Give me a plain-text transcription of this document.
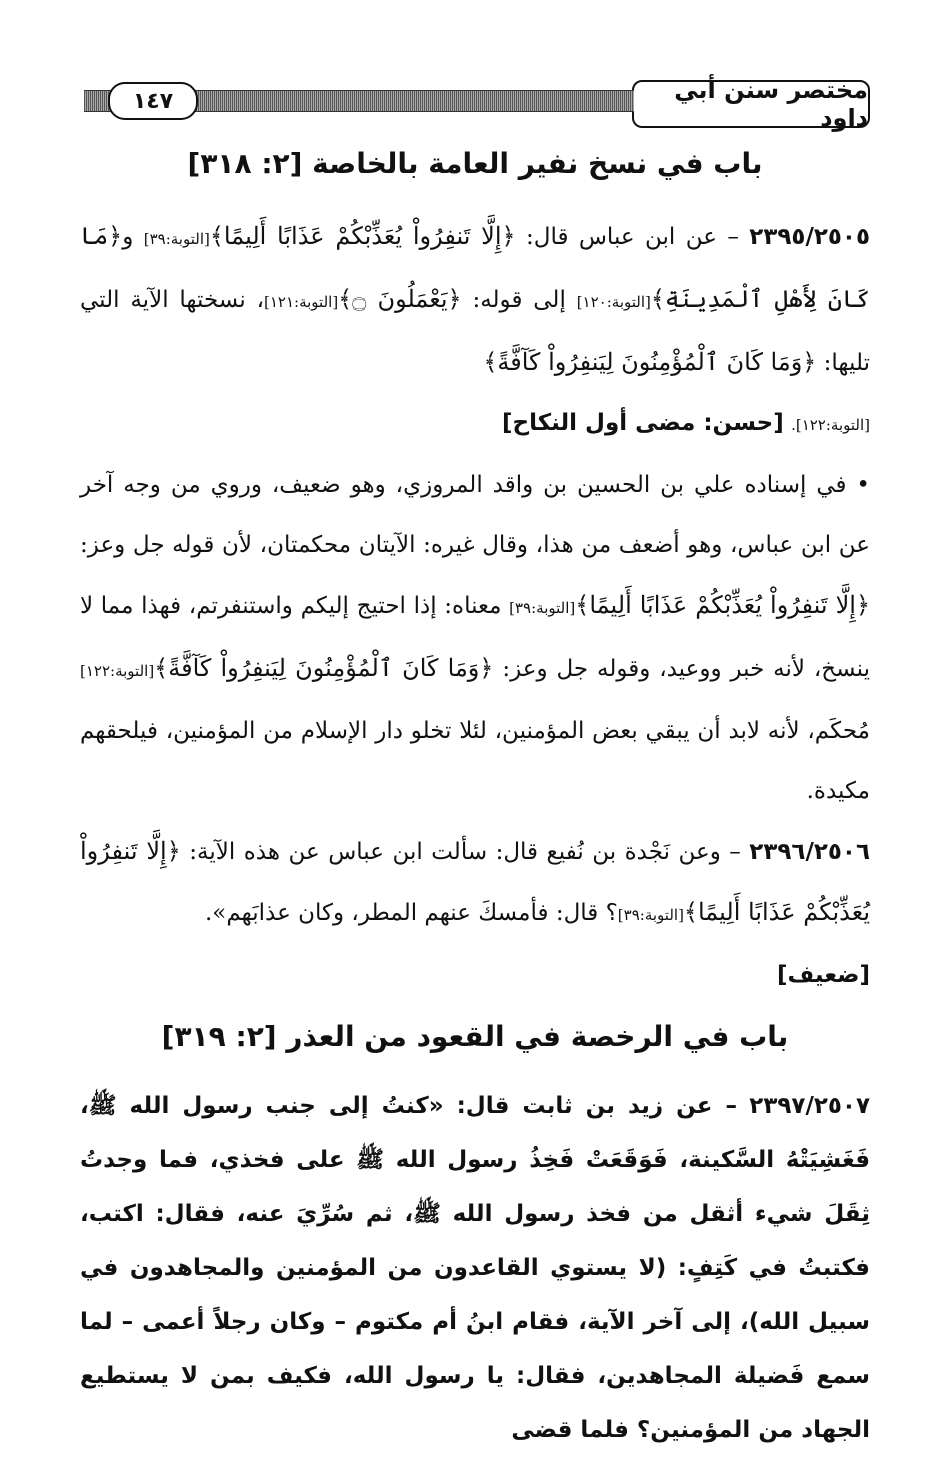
مختصر سنن أبي داود
١٤٧
باب في نسخ نفير العامة بالخاصة [٢: ٣١٨]

٢٣٩٥/٢٥٠٥ – عن ابن عباس قال: ﴿إِلَّا تَنفِرُواْ يُعَذِّبْكُمْ عَذَابًا أَلِيمًا﴾[التوبة:٣٩] و﴿مَا كَانَ لِأَهْلِ ٱلْمَدِينَةِ﴾[التوبة:١٢٠] إلى قوله: ﴿يَعْمَلُونَ ۝﴾[التوبة:١٢١]، نسختها الآية التي تليها: ﴿وَمَا كَانَ ٱلْمُؤْمِنُونَ لِيَنفِرُواْ كَآفَّةً﴾
[التوبة:١٢٢]. [حسن: مضى أول النكاح]

• في إسناده علي بن الحسين بن واقد المروزي، وهو ضعيف، وروي من وجه آخر عن ابن عباس، وهو أضعف من هذا، وقال غيره: الآيتان محكمتان، لأن قوله جل وعز: ﴿إِلَّا تَنفِرُواْ يُعَذِّبْكُمْ عَذَابًا أَلِيمًا﴾[التوبة:٣٩] معناه: إذا احتيج إليكم واستنفرتم، فهذا مما لا ينسخ، لأنه خبر ووعيد، وقوله جل وعز: ﴿وَمَا كَانَ ٱلْمُؤْمِنُونَ لِيَنفِرُواْ كَآفَّةً﴾[التوبة:١٢٢] مُحكَم، لأنه لابد أن يبقي بعض المؤمنين، لئلا تخلو دار الإسلام من المؤمنين، فيلحقهم مكيدة.

٢٣٩٦/٢٥٠٦ – وعن نَجْدة بن نُفيع قال: سألت ابن عباس عن هذه الآية: ﴿إِلَّا تَنفِرُواْ يُعَذِّبْكُمْ عَذَابًا أَلِيمًا﴾[التوبة:٣٩]؟ قال: فأمسكَ عنهم المطر، وكان عذابَهم».
[ضعيف]

باب في الرخصة في القعود من العذر [٢: ٣١٩]

٢٣٩٧/٢٥٠٧ – عن زيد بن ثابت قال: «كنتُ إلى جنب رسول الله ﷺ، فَغَشِيَتْهُ السَّكينة، فَوَقَعَتْ فَخِذُ رسول الله ﷺ على فخذي، فما وجدتُ ثِقَلَ شيء أثقل من فخذ رسول الله ﷺ، ثم سُرِّيَ عنه، فقال: اكتب، فكتبتُ في كَتِفٍ: (لا يستوي القاعدون من المؤمنين والمجاهدون في سبيل الله)، إلى آخر الآية، فقام ابنُ أم مكتوم – وكان رجلاً أعمى – لما سمع فَضيلة المجاهدين، فقال: يا رسول الله، فكيف بمن لا يستطيع الجهاد من المؤمنين؟ فلما قضى
